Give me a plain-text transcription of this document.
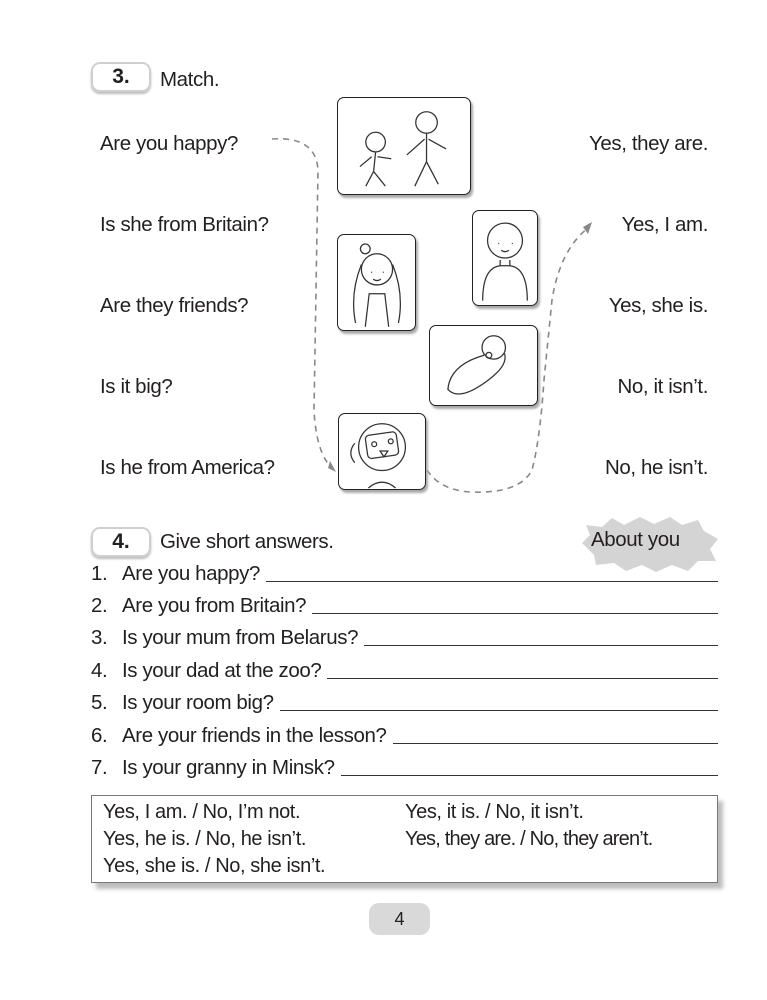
3.	Match.
Are you happy?
Is she from Britain?
Are they friends?
Is it big?
Is he from America?
Yes, they are.
Yes, I am.
Yes, she is.
No, it isn’t.
No, he isn’t.
4.	Give short answers.	About you
1. Are you happy?
2. Are you from Britain?
3. Is your mum from Belarus?
4. Is your dad at the zoo?
5. Is your room big?
6. Are your friends in the lesson?
7. Is your granny in Minsk?
Yes, I am. / No, I’m not.
Yes, he is. / No, he isn’t.
Yes, she is. / No, she isn’t.
Yes, it is. / No, it isn’t.
Yes, they are. / No, they aren’t.
4
